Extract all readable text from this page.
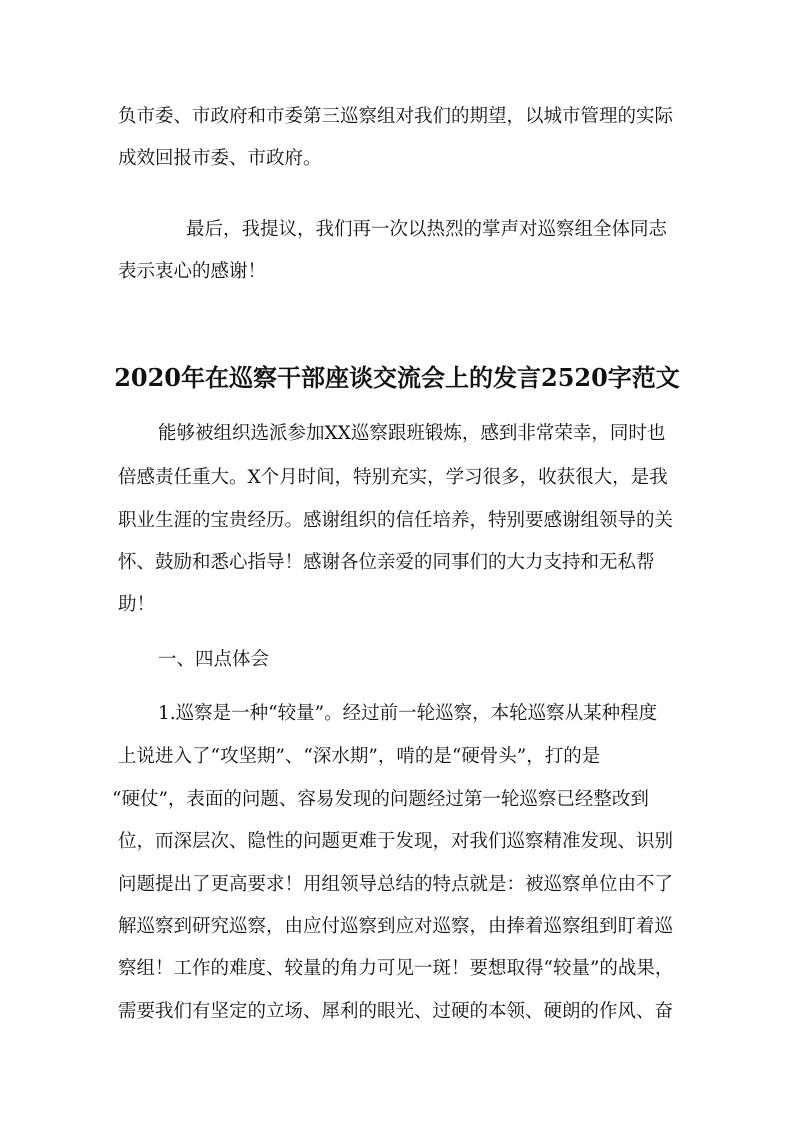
负市委、市政府和市委第三巡察组对我们的期望，以城市管理的实际
成效回报市委、市政府。
最后，我提议，我们再一次以热烈的掌声对巡察组全体同志
表示衷心的感谢！
2020年在巡察干部座谈交流会上的发言2520字范文
能够被组织选派参加XX巡察跟班锻炼，感到非常荣幸，同时也
倍感责任重大。X个月时间，特别充实，学习很多，收获很大，是我
职业生涯的宝贵经历。感谢组织的信任培养，特别要感谢组领导的关
怀、鼓励和悉心指导！感谢各位亲爱的同事们的大力支持和无私帮
助！
一、四点体会
1.巡察是一种“较量”。经过前一轮巡察，本轮巡察从某种程度
上说进入了“攻坚期”、“深水期”，啃的是“硬骨头”，打的是
“硬仗”，表面的问题、容易发现的问题经过第一轮巡察已经整改到
位，而深层次、隐性的问题更难于发现，对我们巡察精准发现、识别
问题提出了更高要求！用组领导总结的特点就是：被巡察单位由不了
解巡察到研究巡察，由应付巡察到应对巡察，由捧着巡察组到盯着巡
察组！工作的难度、较量的角力可见一斑！要想取得“较量”的战果，
需要我们有坚定的立场、犀利的眼光、过硬的本领、硬朗的作风、奋
